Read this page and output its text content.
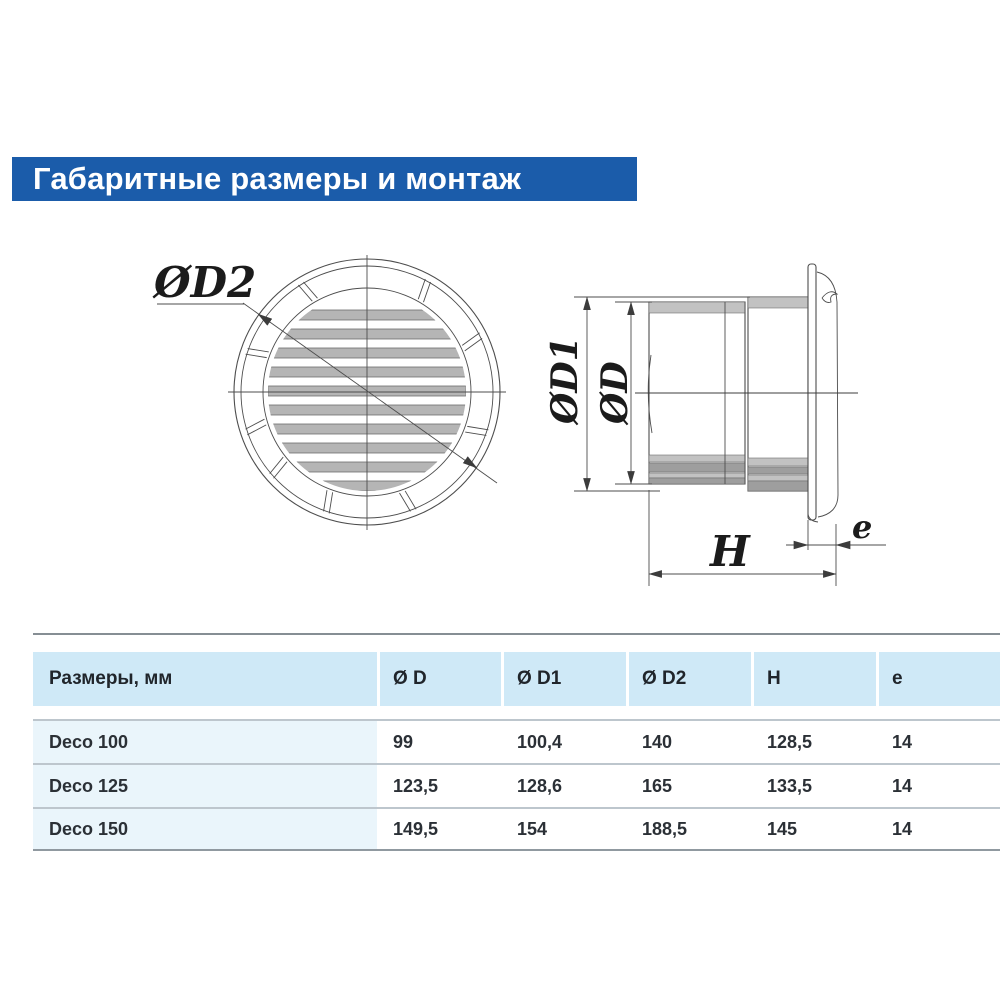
Габаритные размеры и монтаж
ØD2
ØD1 ØD
H	e
Размеры, мм	Ø D	Ø D1	Ø D2	H	e
Deco 100	99	100,4	140	128,5	14
Deco 125	123,5	128,6	165	133,5	14
Deco 150	149,5	154	188,5	145	14
